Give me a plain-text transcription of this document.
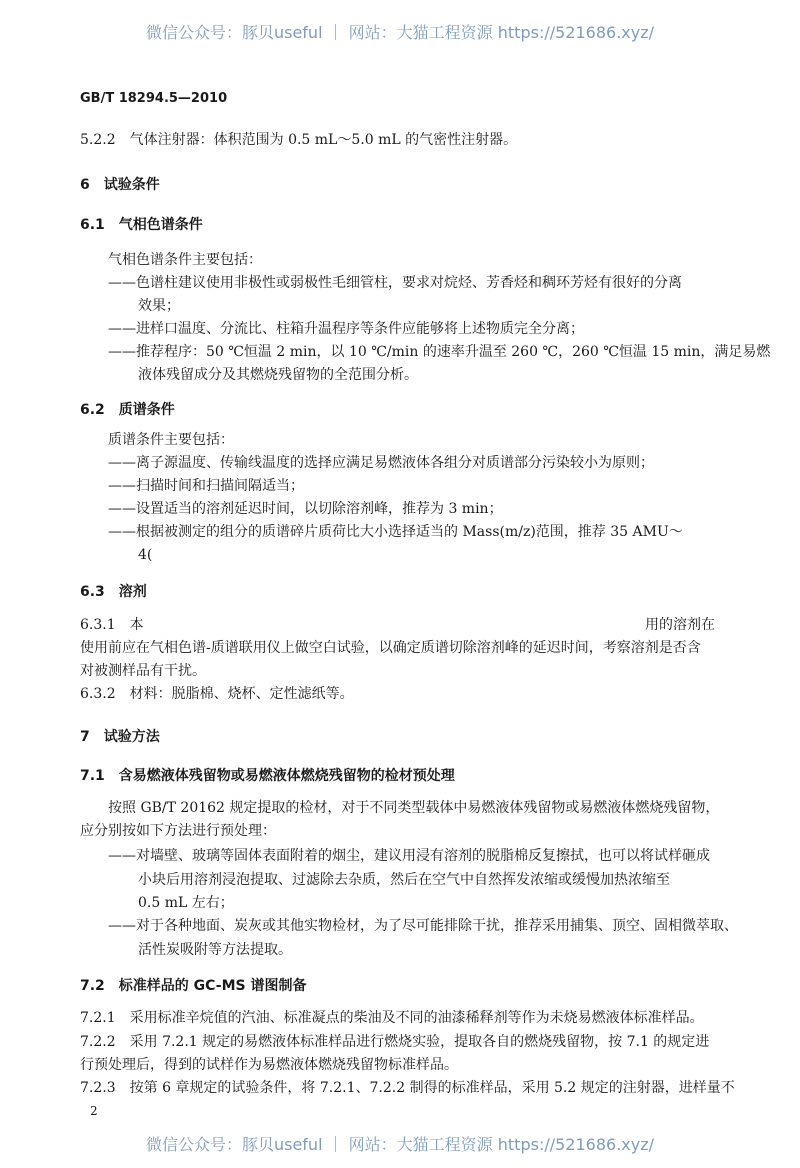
微信公众号：豚贝useful ｜ 网站：大猫工程资源 https://521686.xyz/
GB/T 18294.5—2010
5.2.2　气体注射器：体积范围为 0.5 mL～5.0 mL 的气密性注射器。
6　试验条件
6.1　气相色谱条件
气相色谱条件主要包括：
——色谱柱建议使用非极性或弱极性毛细管柱，要求对烷烃、芳香烃和稠环芳烃有很好的分离
效果；
——进样口温度、分流比、柱箱升温程序等条件应能够将上述物质完全分离；
——推荐程序：50 ℃恒温 2 min，以 10 ℃/min 的速率升温至 260 ℃，260 ℃恒温 15 min，满足易燃
液体残留成分及其燃烧残留物的全范围分析。
6.2　质谱条件
质谱条件主要包括：
——离子源温度、传输线温度的选择应满足易燃液体各组分对质谱部分污染较小为原则；
——扫描时间和扫描间隔适当；
——设置适当的溶剂延迟时间，以切除溶剂峰，推荐为 3 min；
——根据被测定的组分的质谱碎片质荷比大小选择适当的 Mass(m/z)范围，推荐 35 AMU～
4(
6.3　溶剂
6.3.1　本	用的溶剂在
使用前应在气相色谱-质谱联用仪上做空白试验，以确定质谱切除溶剂峰的延迟时间，考察溶剂是否含
对被测样品有干扰。
6.3.2　材料：脱脂棉、烧杯、定性滤纸等。
7　试验方法
7.1　含易燃液体残留物或易燃液体燃烧残留物的检材预处理
按照 GB/T 20162 规定提取的检材，对于不同类型载体中易燃液体残留物或易燃液体燃烧残留物，
应分别按如下方法进行预处理：
——对墙壁、玻璃等固体表面附着的烟尘，建议用浸有溶剂的脱脂棉反复擦拭，也可以将试样砸成
小块后用溶剂浸泡提取、过滤除去杂质，然后在空气中自然挥发浓缩或缓慢加热浓缩至
0.5 mL 左右；
——对于各种地面、炭灰或其他实物检材，为了尽可能排除干扰，推荐采用捕集、顶空、固相微萃取、
活性炭吸附等方法提取。
7.2　标准样品的 GC-MS 谱图制备
7.2.1　采用标准辛烷值的汽油、标准凝点的柴油及不同的油漆稀释剂等作为未烧易燃液体标准样品。
7.2.2　采用 7.2.1 规定的易燃液体标准样品进行燃烧实验，提取各自的燃烧残留物，按 7.1 的规定进
行预处理后，得到的试样作为易燃液体燃烧残留物标准样品。
7.2.3　按第 6 章规定的试验条件，将 7.2.1、7.2.2 制得的标准样品，采用 5.2 规定的注射器，进样量不
2
微信公众号：豚贝useful ｜ 网站：大猫工程资源 https://521686.xyz/
